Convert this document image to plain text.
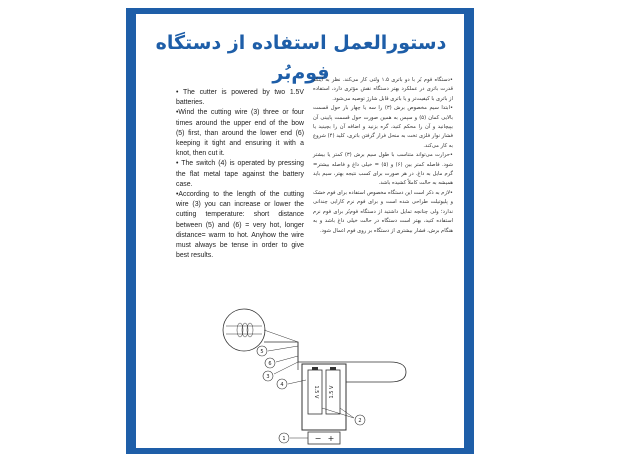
دستورالعمل استفاده از دستگاه فوم‌بُر

• The cutter is powered by two 1.5V batteries.

•Wind the cutting wire (3) three or four times around the upper end of the bow (5) first, than around the lower end (6) keeping it tight and ensuring it with a knot, then cut it.

• The switch (4) is operated by pressing the flat metal tape against the battery case.

•According to the length of the cutting wire (3) you can increase or lower the cutting temperature: short distance between (5) and (6) = very hot, longer distance= warm to hot. Anyhow the wire must always be tense in order to give best results.

•دستگاه فوم بُر با دو باتری ۱.۵ ولتی کار می‌کند. نظر به اینکه قدرت باتری در عملکرد بهتر دستگاه نقش مؤثری دارد، استفاده از باتری با کیفیت‌تر و یا باتری قابل شارژ توصیه می‌شود.

•ابتدا سیم مخصوص برش (۳) را سه یا چهار بار حول قسمت بالایی کمان (۵) و سپس به همین صورت حول قسمت پایینی آن بپیچانید و آن را محکم کنید، گره بزنید و اضافه آن را بچینید یا فشار نوار فلزی تخت به منحل فرار گرفتن باتری، کلید (۴) شروع به کار می‌کند.

•حرارت می‌تواند متناسب با طول سیم برش (۳) کمتر یا بیشتر شود. فاصله کمتر بین (۶) و (۵) = خیلی داغ و فاصله بیشتر= گرم مایل به داغ. در هر صورت برای کسب نتیجه بهتر، سیم باید همیشه به حالت کاملاً کشیده باشد.

•لازم به ذکر است این دستگاه مخصوص استفاده برای فوم خشک و پلیوتیلت طراحی شده است و برای فوم نرم کارایی چندانی ندارد؛ ولی چنانچه تمایل داشتید از دستگاه فوم‌بُر برای فوم نرم استفاده کنید، بهتر است دستگاه در حالت خیلی داغ باشد و به هنگام برش، فشار بیشتری از دستگاه بر روی فوم اعمال شود.

1.5 V 1.5 V
− +
1
2
3
4
5
6
